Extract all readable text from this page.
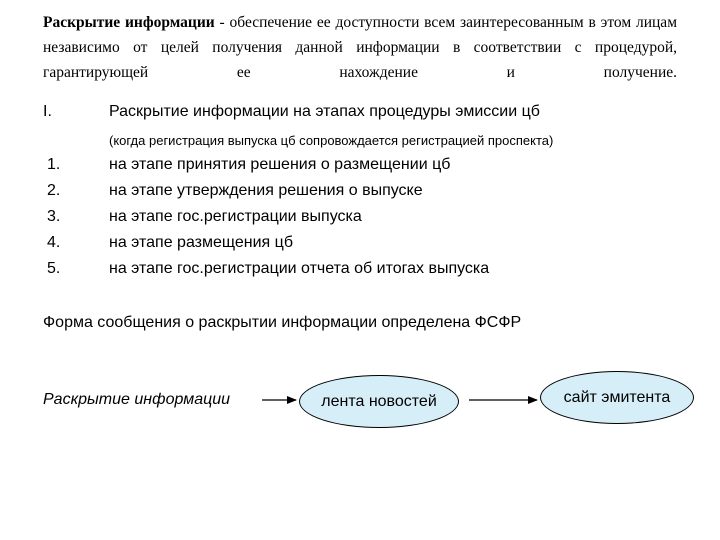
Раскрытие информации - обеспечение ее доступности всем заинтересованным в этом лицам независимо от целей получения данной информации в соответствии с процедурой, гарантирующей ее нахождение и получение.
I.	Раскрытие информации на этапах процедуры эмиссии цб
(когда регистрация выпуска цб сопровождается регистрацией проспекта)
1.	на этапе принятия решения о размещении цб
2.	на этапе утверждения решения о выпуске
3.	на этапе гос.регистрации выпуска
4.	на этапе размещения цб
5.	на этапе гос.регистрации отчета об итогах выпуска
Форма сообщения о раскрытии информации определена ФСФР
Раскрытие информации	лента новостей	сайт эмитента
